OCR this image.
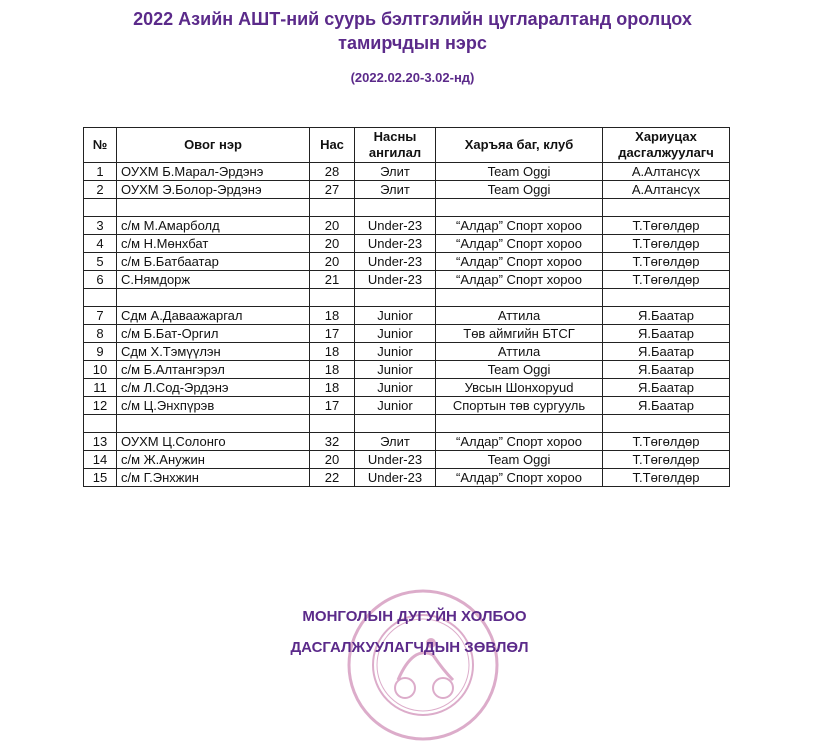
2022 Азийн АШТ-ний суурь бэлтгэлийн цугларалтанд оролцох
тамирчдын нэрс
(2022.02.20-3.02-нд)
№	Овог нэр	Нас	Насны ангилал	Харъяа баг, клуб	Хариуцах дасгалжуулагч
1	ОУХМ Б.Марал-Эрдэнэ	28	Элит	Team Oggi	А.Алтансүх
2	ОУХМ Э.Болор-Эрдэнэ	27	Элит	Team Oggi	А.Алтансүх

3	с/м М.Амарболд	20	Under-23	“Алдар” Спорт хороо	Т.Төгөлдөр
4	с/м Н.Мөнхбат	20	Under-23	“Алдар” Спорт хороо	Т.Төгөлдөр
5	с/м Б.Батбаатар	20	Under-23	“Алдар” Спорт хороо	Т.Төгөлдөр
6	С.Нямдорж	21	Under-23	“Алдар” Спорт хороо	Т.Төгөлдөр

7	Сдм А.Даваажаргал	18	Junior	Аттила	Я.Баатар
8	с/м Б.Бат-Оргил	17	Junior	Төв аймгийн БТСГ	Я.Баатар
9	Сдм Х.Тэмүүлэн	18	Junior	Аттила	Я.Баатар
10	с/м Б.Алтангэрэл	18	Junior	Team Oggi	Я.Баатар
11	с/м Л.Сод-Эрдэнэ	18	Junior	Увсын Шонхоруud	Я.Баатар
12	с/м Ц.Энхпүрэв	17	Junior	Спортын төв сургууль	Я.Баатар

13	ОУХМ Ц.Солонго	32	Элит	“Алдар” Спорт хороо	Т.Төгөлдөр
14	с/м Ж.Анужин	20	Under-23	Team Oggi	Т.Төгөлдөр
15	с/м Г.Энхжин	22	Under-23	“Алдар” Спорт хороо	Т.Төгөлдөр
МОНГОЛЫН ДУГУЙН ХОЛБОО
ДАСГАЛЖУУЛАГЧДЫН ЗӨВЛӨЛ
